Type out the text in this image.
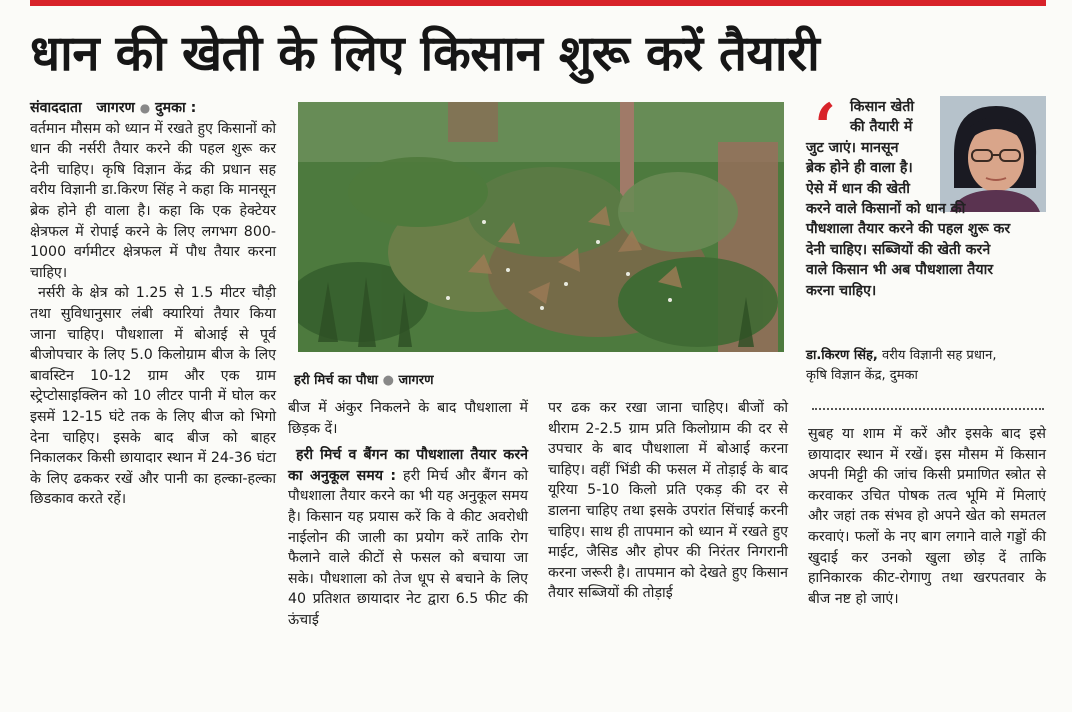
धान की खेती के लिए किसान शुरू करें तैयारी
संवाददाता जागरण ● दुमका :

वर्तमान मौसम को ध्यान में रखते हुए किसानों को धान की नर्सरी तैयार करने की पहल शुरू कर देनी चाहिए। कृषि विज्ञान केंद्र की प्रधान सह वरीय विज्ञानी डा.किरण सिंह ने कहा कि मानसून ब्रेक होने ही वाला है। कहा कि एक हेक्टेयर क्षेत्रफल में रोपाई करने के लिए लगभग 800-1000 वर्गमीटर क्षेत्रफल में पौध तैयार करना चाहिए।

नर्सरी के क्षेत्र को 1.25 से 1.5 मीटर चौड़ी तथा सुविधानुसार लंबी क्यारियां तैयार किया जाना चाहिए। पौधशाला में बोआई से पूर्व बीजोपचार के लिए 5.0 किलोग्राम बीज के लिए बावस्टिन 10-12 ग्राम और एक ग्राम स्ट्रेप्टोसाइक्लिन को 10 लीटर पानी में घोल कर इसमें 12-15 घंटे तक के लिए बीज को भिगो देना चाहिए। इसके बाद बीज को बाहर निकालकर किसी छायादार स्थान में 24-36 घंटा के लिए ढककर रखें और पानी का हल्का-हल्का छिडकाव करते रहें।

हरी मिर्च का पौधा ● जागरण

बीज में अंकुर निकलने के बाद पौधशाला में छिड़क दें।

हरी मिर्च व बैंगन का पौधशाला तैयार करने का अनुकूल समय : हरी मिर्च और बैंगन को पौधशाला तैयार करने का भी यह अनुकूल समय है। किसान यह प्रयास करें कि वे कीट अवरोधी नाईलोन की जाली का प्रयोग करें ताकि रोग फैलाने वाले कीटों से फसल को बचाया जा सके। पौधशाला को तेज धूप से बचाने के लिए 40 प्रतिशत छायादार नेट द्वारा 6.5 फीट की ऊंचाई

पर ढक कर रखा जाना चाहिए। बीजों को थीराम 2-2.5 ग्राम प्रति किलोग्राम की दर से उपचार के बाद पौधशाला में बोआई करना चाहिए। वहीं भिंडी की फसल में तोड़ाई के बाद यूरिया 5-10 किलो प्रति एकड़ की दर से डालना चाहिए तथा इसके उपरांत सिंचाई करनी चाहिए। साथ ही तापमान को ध्यान में रखते हुए माईट, जैसिड और होपर की निरंतर निगरानी करना जरूरी है। तापमान को देखते हुए किसान तैयार सब्जियों की तोड़ाई

‘ किसान खेती
की तैयारी में
जुट जाएं। मानसून
ब्रेक होने ही वाला है।
ऐसे में धान की खेती
करने वाले किसानों को धान की
पौधशाला तैयार करने की पहल शुरू कर
देनी चाहिए। सब्जियों की खेती करने
वाले किसान भी अब पौधशाला तैयार
करना चाहिए।
डा.किरण सिंह, वरीय विज्ञानी सह प्रधान,
कृषि विज्ञान केंद्र, दुमका

सुबह या शाम में करें और इसके बाद इसे छायादार स्थान में रखें। इस मौसम में किसान अपनी मिट्टी की जांच किसी प्रमाणित स्त्रोत से करवाकर उचित पोषक तत्व भूमि में मिलाएं और जहां तक संभव हो अपने खेत को समतल करवाएं। फलों के नए बाग लगाने वाले गड्डों की खुदाई कर उनको खुला छोड़ दें ताकि हानिकारक कीट-रोगाणु तथा खरपतवार के बीज नष्ट हो जाएं।
